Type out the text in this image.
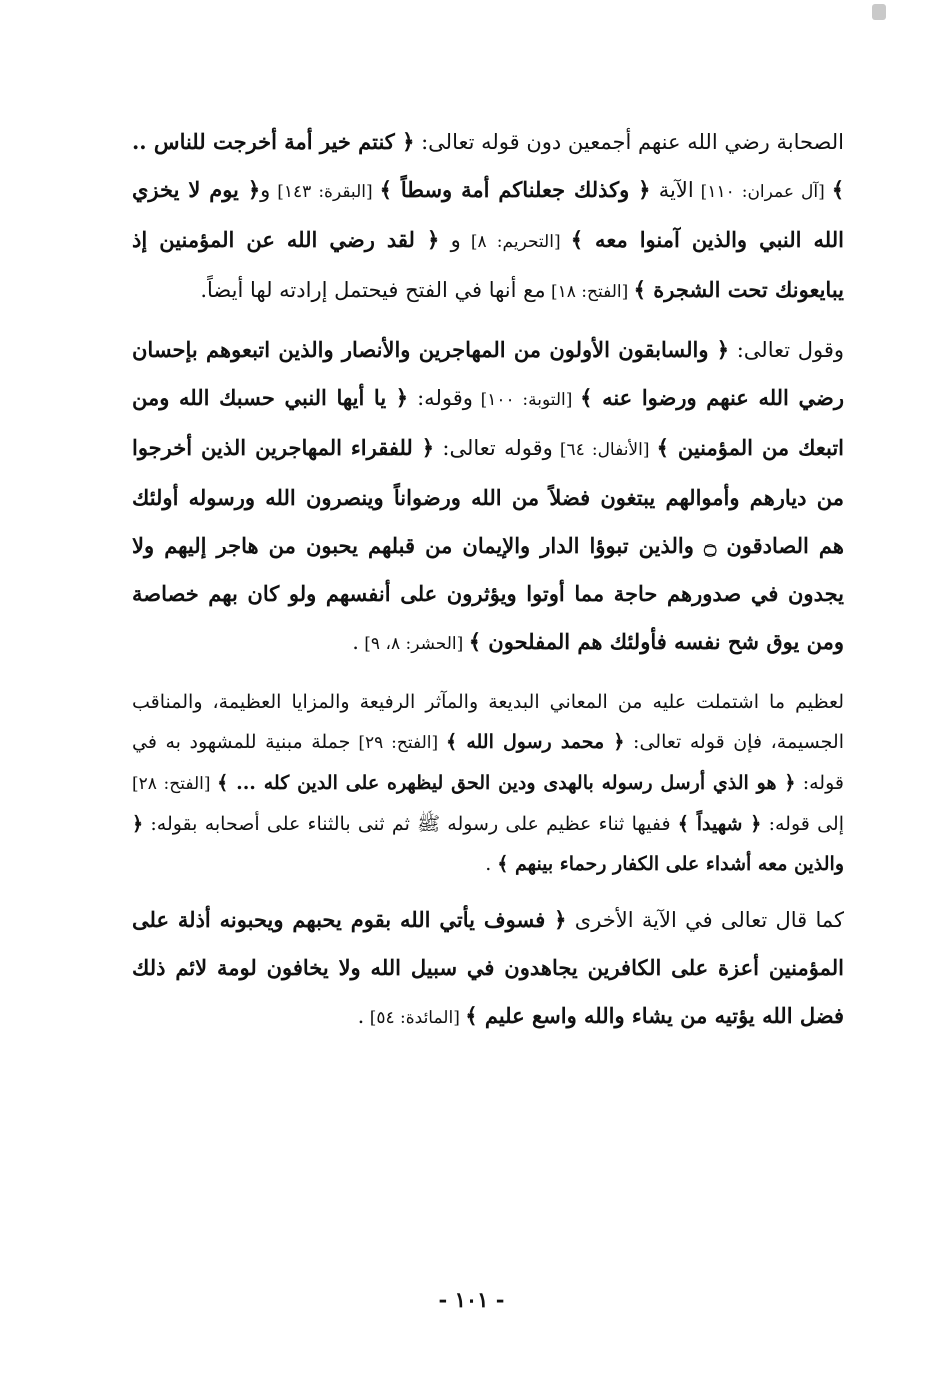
الصحابة رضي الله عنهم أجمعين دون قوله تعالى: ﴿ كنتم خير أمة أخرجت للناس .. ﴾ [آل عمران: ١١٠] الآية ﴿ وكذلك جعلناكم أمة وسطاً ﴾ [البقرة: ١٤٣] و﴿ يوم لا يخزي الله النبي والذين آمنوا معه ﴾ [التحريم: ٨] و ﴿ لقد رضي الله عن المؤمنين إذ يبايعونك تحت الشجرة ﴾ [الفتح: ١٨] مع أنها في الفتح فيحتمل إرادته لها أيضاً.

وقول تعالى: ﴿ والسابقون الأولون من المهاجرين والأنصار والذين اتبعوهم بإحسان رضي الله عنهم ورضوا عنه ﴾ [التوبة: ١٠٠] وقوله: ﴿ يا أيها النبي حسبك الله ومن اتبعك من المؤمنين ﴾ [الأنفال: ٦٤] وقوله تعالى: ﴿ للفقراء المهاجرين الذين أخرجوا من ديارهم وأموالهم يبتغون فضلاً من الله ورضواناً وينصرون الله ورسوله أولئك هم الصادقون ۝ والذين تبوؤا الدار والإيمان من قبلهم يحبون من هاجر إليهم ولا يجدون في صدورهم حاجة مما أوتوا ويؤثرون على أنفسهم ولو كان بهم خصاصة ومن يوق شح نفسه فأولئك هم المفلحون ﴾ [الحشر: ٨، ٩] .

لعظيم ما اشتملت عليه من المعاني البديعة والمآثر الرفيعة والمزايا العظيمة، والمناقب الجسيمة، فإن قوله تعالى: ﴿ محمد رسول الله ﴾ [الفتح: ٢٩] جملة مبنية للمشهود به في قوله: ﴿ هو الذي أرسل رسوله بالهدى ودين الحق ليظهره على الدين كله ... ﴾ [الفتح: ٢٨] إلى قوله: ﴿ شهيداً ﴾ ففيها ثناء عظيم على رسوله ﷺ ثم ثنى بالثناء على أصحابه بقوله: ﴿ والذين معه أشداء على الكفار رحماء بينهم ﴾ .

كما قال تعالى في الآية الأخرى ﴿ فسوف يأتي الله بقوم يحبهم ويحبونه أذلة على المؤمنين أعزة على الكافرين يجاهدون في سبيل الله ولا يخافون لومة لائم ذلك فضل الله يؤتيه من يشاء والله واسع عليم ﴾ [المائدة: ٥٤] .

- ١٠١ -
